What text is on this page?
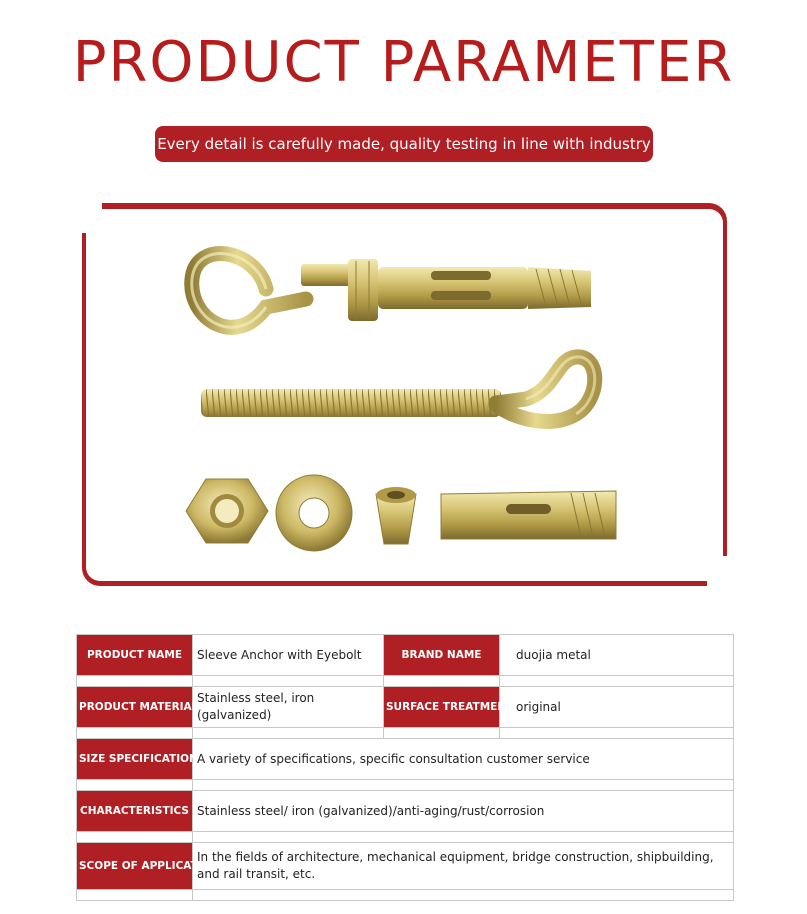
PRODUCT PARAMETER
Every detail is carefully made, quality testing in line with industry
PRODUCT NAME	Sleeve Anchor with Eyebolt	BRAND NAME	duojia metal

PRODUCT MATERIAL	Stainless steel, iron (galvanized)	SURFACE TREATMENT	original

SIZE SPECIFICATION	A variety of specifications, specific consultation customer service		

CHARACTERISTICS	Stainless steel/ iron (galvanized)/anti-aging/rust/corrosion		

SCOPE OF APPLICATION	In the fields of architecture, mechanical equipment, bridge construction, shipbuilding, and rail transit, etc.		
